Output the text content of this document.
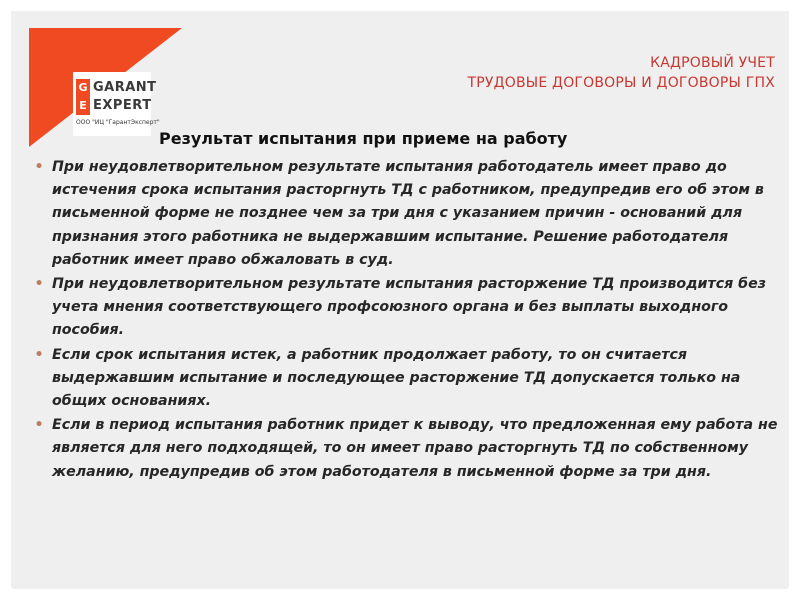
G
E
GARANT
EXPERT
ООО "ИЦ "ГарантЭксперт"
КАДРОВЫЙ УЧЕТ
ТРУДОВЫЕ ДОГОВОРЫ И ДОГОВОРЫ ГПХ
Результат испытания при приеме на работу
• При неудовлетворительном результате испытания работодатель имеет право до истечения срока испытания расторгнуть ТД с работником, предупредив его об этом в письменной форме не позднее чем за три дня с указанием причин - оснований для признания этого работника не выдержавшим испытание. Решение работодателя работник имеет право обжаловать в суд.
• При неудовлетворительном результате испытания расторжение ТД производится без учета мнения соответствующего профсоюзного органа и без выплаты выходного пособия.
• Если срок испытания истек, а работник продолжает работу, то он считается выдержавшим испытание и последующее расторжение ТД допускается только на общих основаниях.
• Если в период испытания работник придет к выводу, что предложенная ему работа не является для него подходящей, то он имеет право расторгнуть ТД по собственному желанию, предупредив об этом работодателя в письменной форме за три дня.
